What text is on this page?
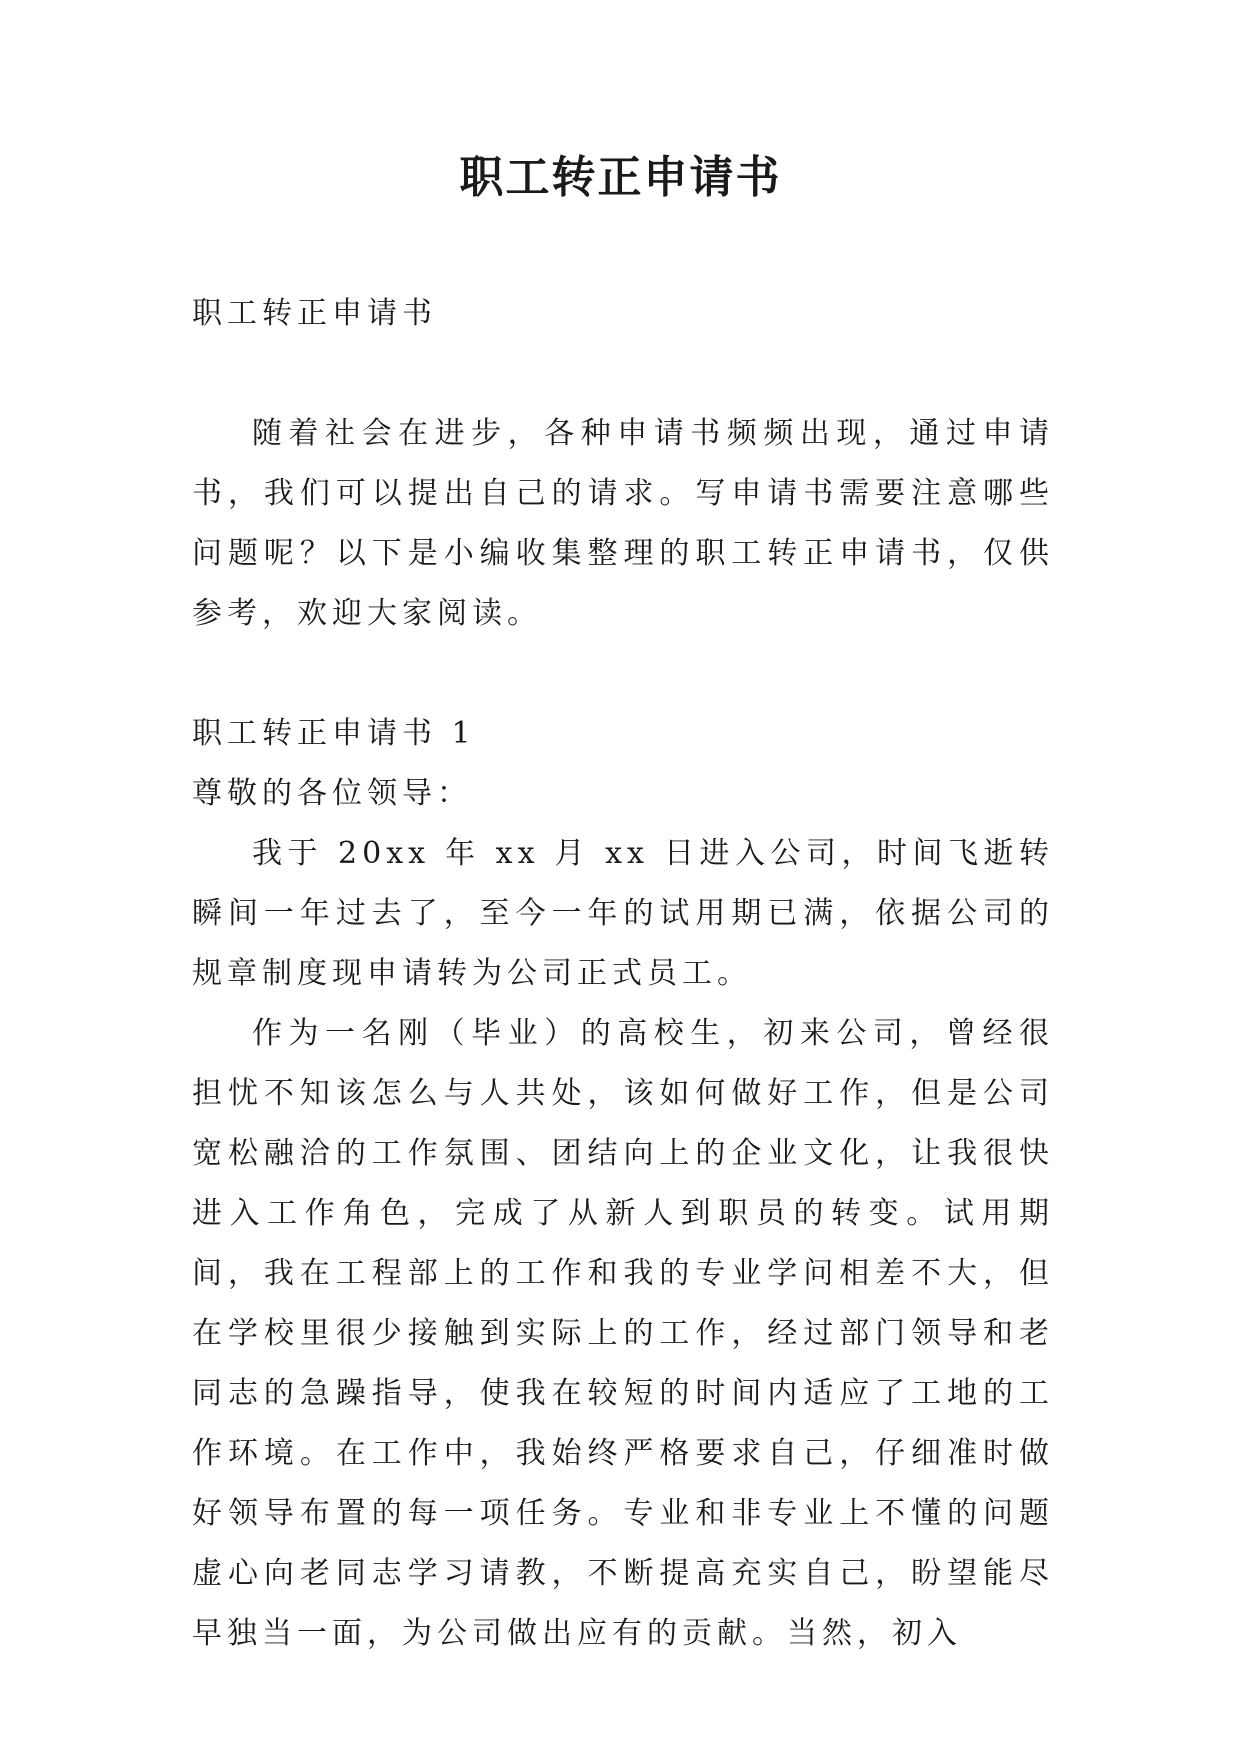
职工转正申请书

职工转正申请书

随着社会在进步，各种申请书频频出现，通过申请书，我们可以提出自己的请求。写申请书需要注意哪些问题呢？以下是小编收集整理的职工转正申请书，仅供参考，欢迎大家阅读。

职工转正申请书 1

尊敬的各位领导：

我于 20xx 年 xx 月 xx 日进入公司，时间飞逝转瞬间一年过去了，至今一年的试用期已满，依据公司的规章制度现申请转为公司正式员工。

作为一名刚（毕业）的高校生，初来公司，曾经很担忧不知该怎么与人共处，该如何做好工作，但是公司宽松融洽的工作氛围、团结向上的企业文化，让我很快进入工作角色，完成了从新人到职员的转变。试用期间，我在工程部上的工作和我的专业学问相差不大，但在学校里很少接触到实际上的工作，经过部门领导和老同志的急躁指导，使我在较短的时间内适应了工地的工作环境。在工作中，我始终严格要求自己，仔细准时做好领导布置的每一项任务。专业和非专业上不懂的问题虚心向老同志学习请教，不断提高充实自己，盼望能尽早独当一面，为公司做出应有的贡献。当然，初入
